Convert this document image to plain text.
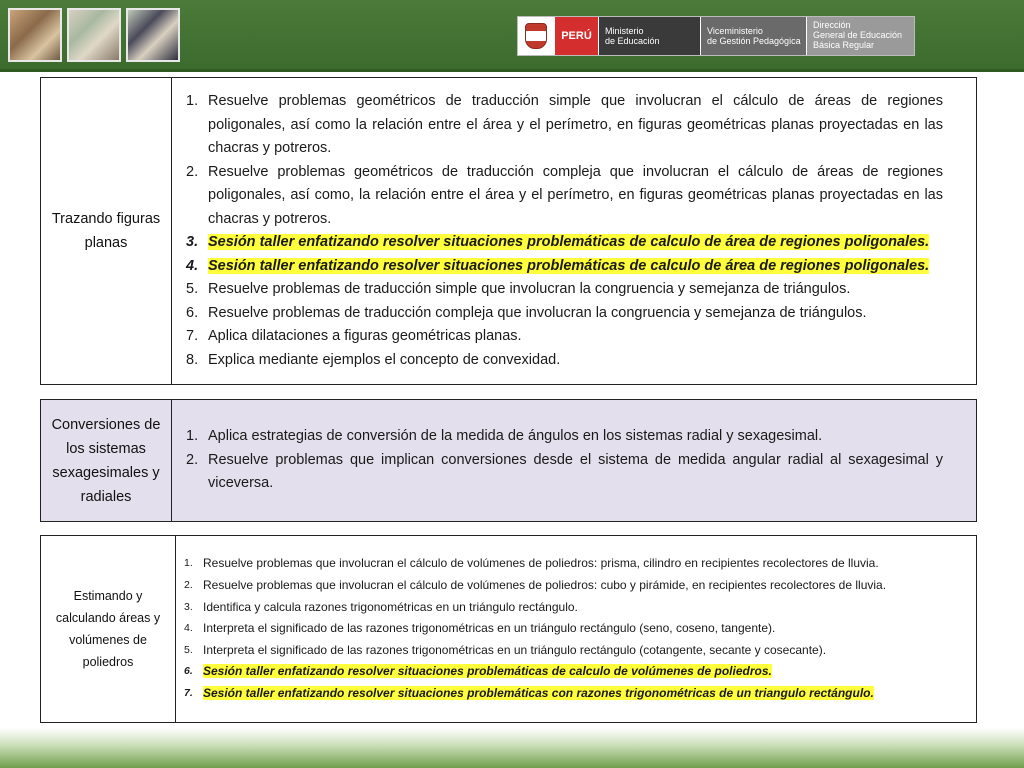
PERÚ	Ministerio
de Educación
Viceministerio
de Gestión Pedagógica
Dirección
General de Educación
Básica Regular
Trazando figuras planas	
1. Resuelve problemas geométricos de traducción simple que involucran el cálculo de áreas de regiones poligonales, así como la relación entre el área y el perímetro, en figuras geométricas planas proyectadas en las chacras y potreros.
2. Resuelve problemas geométricos de traducción compleja que involucran el cálculo de áreas de regiones poligonales, así como, la relación entre el área y el perímetro, en figuras geométricas planas proyectadas en las chacras y potreros.
3. Sesión taller enfatizando resolver situaciones problemáticas de calculo de área de regiones poligonales.
4. Sesión taller enfatizando resolver situaciones problemáticas de calculo de área de regiones poligonales.
5. Resuelve problemas de traducción simple que involucran la congruencia y semejanza de triángulos.
6. Resuelve problemas de traducción compleja que involucran la congruencia y semejanza de triángulos.
7. Aplica dilataciones a figuras geométricas planas.
8. Explica mediante ejemplos el concepto de convexidad.
Conversiones de los sistemas sexagesimales y radiales	
1. Aplica estrategias de conversión de la medida de ángulos en los sistemas radial y sexagesimal.
2. Resuelve problemas que implican conversiones desde el sistema de medida angular radial al sexagesimal y viceversa.
Estimando y calculando áreas y volúmenes de poliedros	
1. Resuelve problemas que involucran el cálculo de volúmenes de poliedros: prisma, cilindro en recipientes recolectores de lluvia.
2. Resuelve problemas que involucran el cálculo de volúmenes de poliedros: cubo y pirámide, en recipientes recolectores de lluvia.
3. Identifica y calcula razones trigonométricas en un triángulo rectángulo.
4. Interpreta el significado de las razones trigonométricas en un triángulo rectángulo (seno, coseno, tangente).
5. Interpreta el significado de las razones trigonométricas en un triángulo rectángulo (cotangente, secante y cosecante).
6. Sesión taller enfatizando resolver situaciones problemáticas de calculo de volúmenes de poliedros.
7. Sesión taller enfatizando resolver situaciones problemáticas con razones trigonométricas de un triangulo rectángulo.
